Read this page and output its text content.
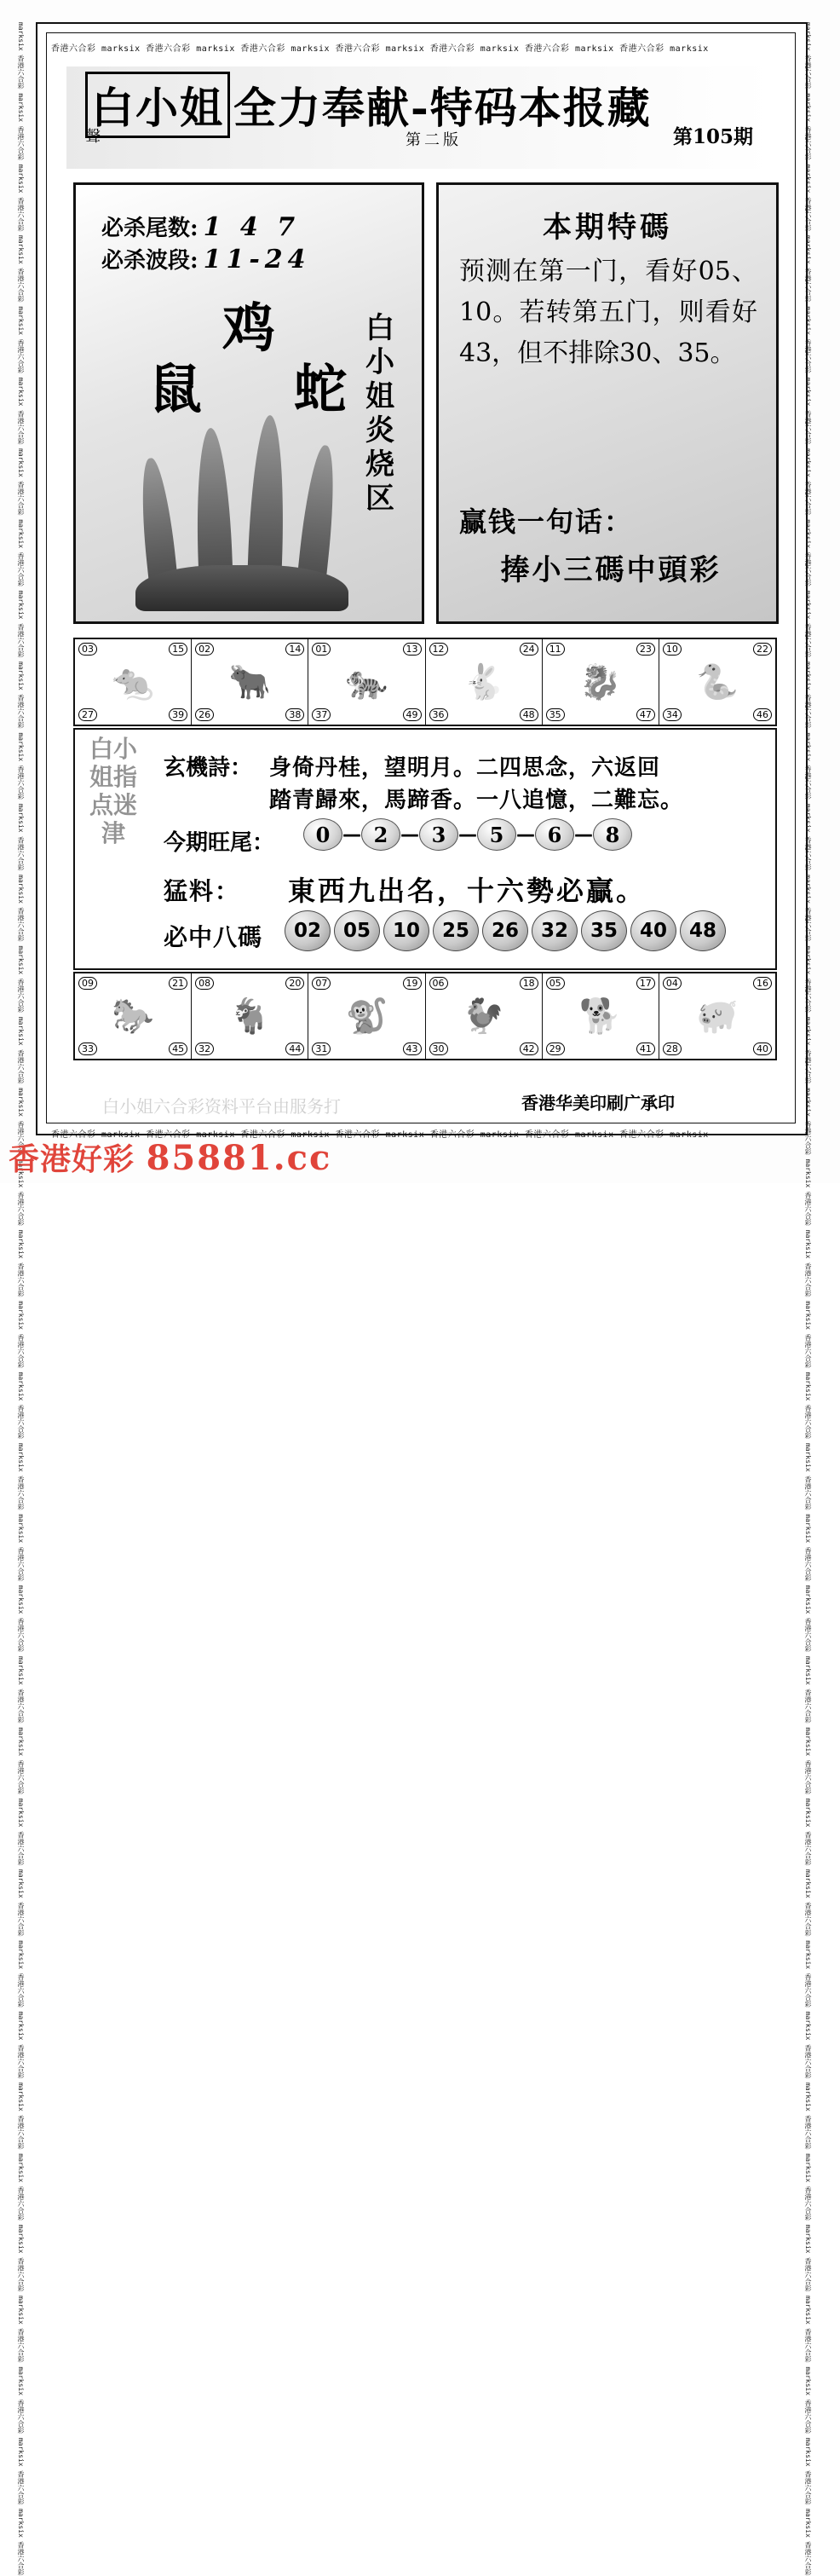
marksix 香港六合彩 marksix 香港六合彩 marksix 香港六合彩 marksix 香港六合彩 marksix 香港六合彩 marksix 香港六合彩 marksix 香港六合彩 marksix 香港六合彩 marksix 香港六合彩 marksix 香港六合彩 marksix 香港六合彩 marksix 香港六合彩 marksix 香港六合彩 marksix 香港六合彩 marksix 香港六合彩 marksix 香港六合彩 marksix 香港六合彩 marksix 香港六合彩 marksix 香港六合彩 marksix 香港六合彩 marksix 香港六合彩 marksix 香港六合彩 marksix 香港六合彩 marksix 香港六合彩 marksix 香港六合彩 marksix 香港六合彩 marksix 香港六合彩 marksix 香港六合彩 marksix 香港六合彩 marksix 香港六合彩 marksix 香港六合彩 marksix 香港六合彩 marksix 香港六合彩 marksix 香港六合彩 marksix 香港六合彩 marksix 香港六合彩	marksix 香港六合彩 marksix 香港六合彩 marksix 香港六合彩 marksix 香港六合彩 marksix 香港六合彩 marksix 香港六合彩 marksix 香港六合彩 marksix 香港六合彩 marksix 香港六合彩 marksix 香港六合彩 marksix 香港六合彩 marksix 香港六合彩 marksix 香港六合彩 marksix 香港六合彩 marksix 香港六合彩 marksix 香港六合彩 marksix 香港六合彩 marksix 香港六合彩 marksix 香港六合彩 marksix 香港六合彩 marksix 香港六合彩 marksix 香港六合彩 marksix 香港六合彩 marksix 香港六合彩 marksix 香港六合彩 marksix 香港六合彩 marksix 香港六合彩 marksix 香港六合彩 marksix 香港六合彩 marksix 香港六合彩 marksix 香港六合彩 marksix 香港六合彩 marksix 香港六合彩 marksix 香港六合彩 marksix 香港六合彩 marksix 香港六合彩
香港六合彩 marksix 香港六合彩 marksix 香港六合彩 marksix 香港六合彩 marksix 香港六合彩 marksix 香港六合彩 marksix 香港六合彩 marksix
香港六合彩 marksix 香港六合彩 marksix 香港六合彩 marksix 香港六合彩 marksix 香港六合彩 marksix 香港六合彩 marksix 香港六合彩 marksix
白小姐 全力奉献-特码本报藏
聲	第二版	第105期
必杀尾数: 1 4 7
必杀波段: 11-24
鸡
鼠 蛇
白小姐炎烧区
本期特碼
预测在第一门，看好05、10。若转第五门，则看好43，但不排除30、35。
赢钱一句话：
捧小三碼中頭彩
03	15
🐀
27	39
02	14
🐂
26	38
01	13
🐅
37	49
12	24
🐇
36	48
11	23
🐉
35	47
10	22
🐍
34	46
白小姐指点迷津
玄機詩： 身倚丹桂，望明月。二四思念，六返回
踏青歸來，馬蹄香。一八追憶，二難忘。
今期旺尾：	0 — 2 — 3 — 5 — 6 — 8
猛料： 東西九出名，十六勢必贏。
必中八碼	02	05	10	25	26	32	35	40	48
09	21
🐎
33	45
08	20
🐐
32	44
07	19
🐒
31	43
06	18
🐓
30	42
05	17
🐕
29	41
04	16
🐖
28	40
白小姐六合彩资料平台由服务打	香港华美印刷广承印
香港好彩 85881.cc
